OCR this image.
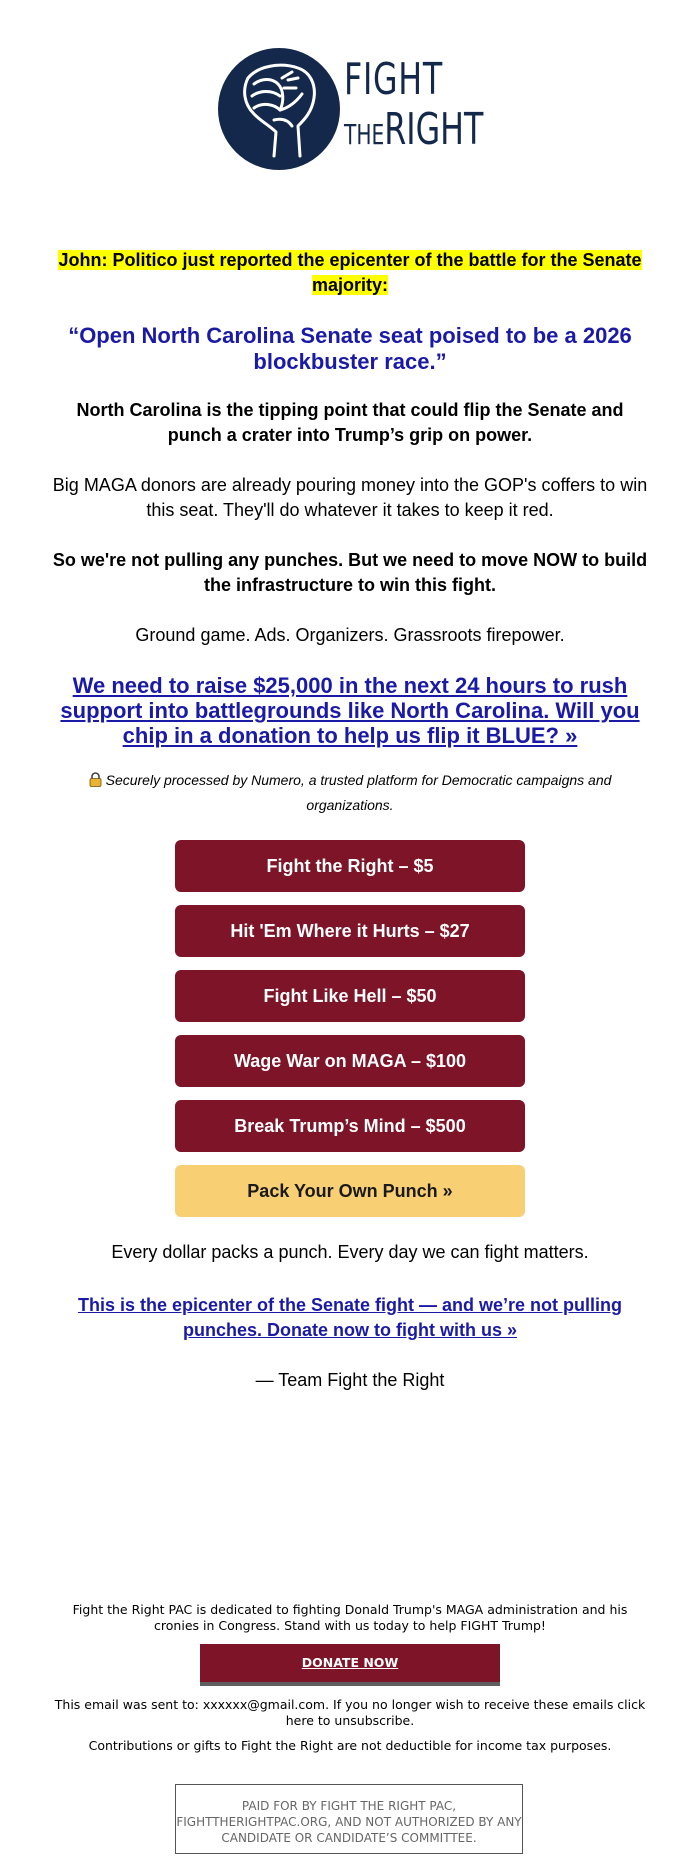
FIGHT
THERIGHT
John: Politico just reported the epicenter of the battle for the Senate majority:
“Open North Carolina Senate seat poised to be a 2026 blockbuster race.”
North Carolina is the tipping point that could flip the Senate and punch a crater into Trump’s grip on power.
Big MAGA donors are already pouring money into the GOP's coffers to win this seat. They'll do whatever it takes to keep it red.
So we're not pulling any punches. But we need to move NOW to build the infrastructure to win this fight.
Ground game. Ads. Organizers. Grassroots firepower.
We need to raise $25,000 in the next 24 hours to rush support into battlegrounds like North Carolina. Will you chip in a donation to help us flip it BLUE? »
Securely processed by Numero, a trusted platform for Democratic campaigns and organizations.
Fight the Right – $5
Hit 'Em Where it Hurts – $27
Fight Like Hell – $50
Wage War on MAGA – $100
Break Trump’s Mind – $500
Pack Your Own Punch »
Every dollar packs a punch. Every day we can fight matters.
This is the epicenter of the Senate fight — and we’re not pulling punches. Donate now to fight with us »
— Team Fight the Right
Fight the Right PAC is dedicated to fighting Donald Trump's MAGA administration and his cronies in Congress. Stand with us today to help FIGHT Trump!
DONATE NOW
This email was sent to: xxxxxx@gmail.com. If you no longer wish to receive these emails click here to unsubscribe.
Contributions or gifts to Fight the Right are not deductible for income tax purposes.
PAID FOR BY FIGHT THE RIGHT PAC, FIGHTTHERIGHTPAC.ORG, AND NOT AUTHORIZED BY ANY CANDIDATE OR CANDIDATE’S COMMITTEE.
